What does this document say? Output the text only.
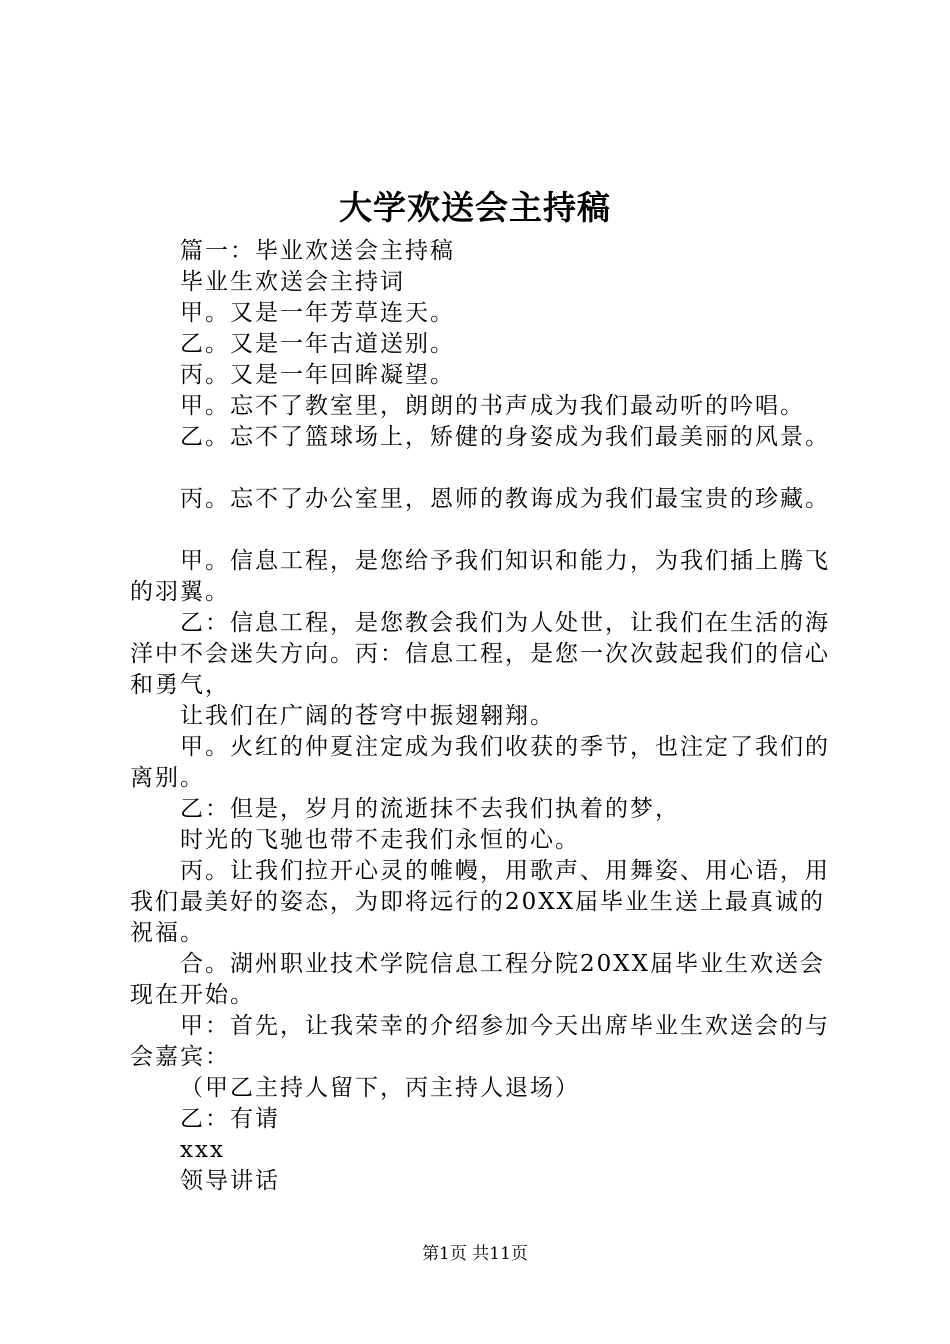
大学欢送会主持稿

篇一：毕业欢送会主持稿

毕业生欢送会主持词

甲。又是一年芳草连天。

乙。又是一年古道送别。

丙。又是一年回眸凝望。

甲。忘不了教室里，朗朗的书声成为我们最动听的吟唱。

乙。忘不了篮球场上，矫健的身姿成为我们最美丽的风景。

丙。忘不了办公室里，恩师的教诲成为我们最宝贵的珍藏。

甲。信息工程，是您给予我们知识和能力，为我们插上腾飞的羽翼。

乙：信息工程，是您教会我们为人处世，让我们在生活的海洋中不会迷失方向。丙：信息工程，是您一次次鼓起我们的信心和勇气，

让我们在广阔的苍穹中振翅翱翔。

甲。火红的仲夏注定成为我们收获的季节，也注定了我们的离别。

乙：但是，岁月的流逝抹不去我们执着的梦，

时光的飞驰也带不走我们永恒的心。

丙。让我们拉开心灵的帷幔，用歌声、用舞姿、用心语，用我们最美好的姿态，为即将远行的20XX届毕业生送上最真诚的祝福。

合。湖州职业技术学院信息工程分院20XX届毕业生欢送会现在开始。

甲：首先，让我荣幸的介绍参加今天出席毕业生欢送会的与会嘉宾：

（甲乙主持人留下，丙主持人退场）

乙：有请

xxx

领导讲话

第1页 共11页
